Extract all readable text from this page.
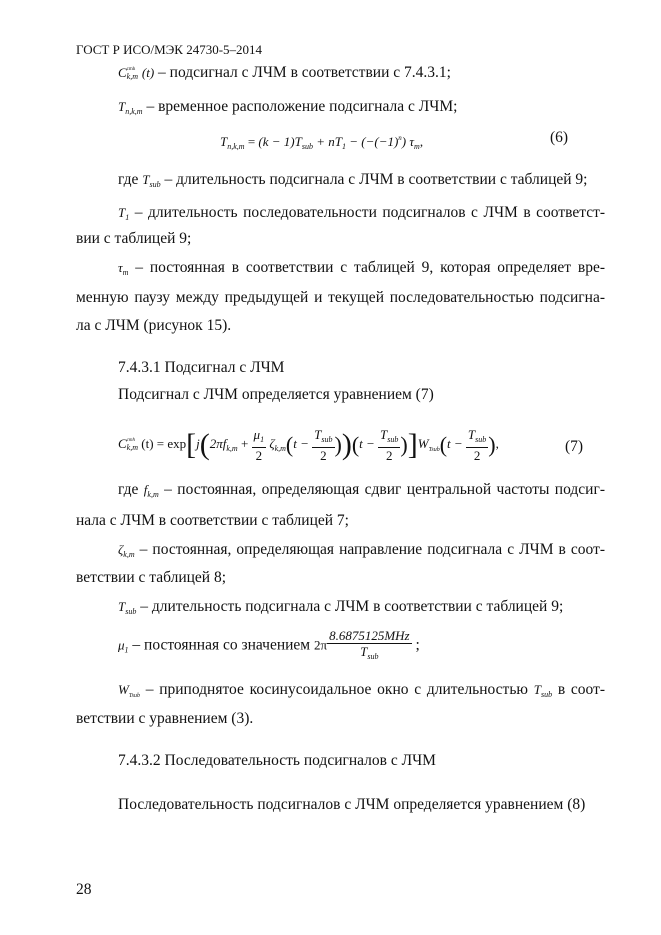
ГОСТ Р ИСО/МЭК 24730-5–2014
C cmh
k,m (t) – подсигнал с ЛЧМ в соответствии с 7.4.3.1;
$T_{n,k,m}$ – временное расположение подсигнала с ЛЧМ;
$T_{n,k,m} = (k - 1)T_{sub} + nT_1 - (-(-1)^n)$ $\tau_m$,	(6)
где $T_{sub}$ – длительность подсигнала с ЛЧМ в соответствии с таблицей 9;
$T_1$ – длительность последовательности подсигналов с ЛЧМ в соответст-
вии с таблицей 9;
$\tau_m$ – постоянная в соответствии с таблицей 9, которая определяет вре-
менную паузу между предыдущей и текущей последовательностью подсигна-
ла с ЛЧМ (рисунок 15).
7.4.3.1 Подсигнал с ЛЧМ
Подсигнал с ЛЧМ определяется уравнением (7)
C cmh
k,m $(t) = \exp[j(2\pi f_{k,m} + \frac{\mu_1}{2} \zeta_{k,m}(t - \frac{T_{sub}}{2} ))(t - \frac{T_{sub}}{2} )]W_{Tsub}(t - \frac{T_{sub}}{2}$ ),	(7)
где $f_{k,m}$ – постоянная, определяющая сдвиг центральной частоты подсиг-
нала с ЛЧМ в соответствии с таблицей 7;
$\zeta_{k,m}$ – постоянная, определяющая направление подсигнала с ЛЧМ в соот-
ветствии с таблицей 8;
$T_{sub}$ – длительность подсигнала с ЛЧМ в соответствии с таблицей 9;
$\mu_1$ – постоянная со значением $2\pi \frac{\text{8.6875125MHz}}{T_{sub}}$ ;
$W_{Tsub}$ – приподнятое косинусоидальное окно с длительностью $T_{sub}$ в соот-
ветствии с уравнением (3).
7.4.3.2 Последовательность подсигналов с ЛЧМ
Последовательность подсигналов с ЛЧМ определяется уравнением (8)
28
